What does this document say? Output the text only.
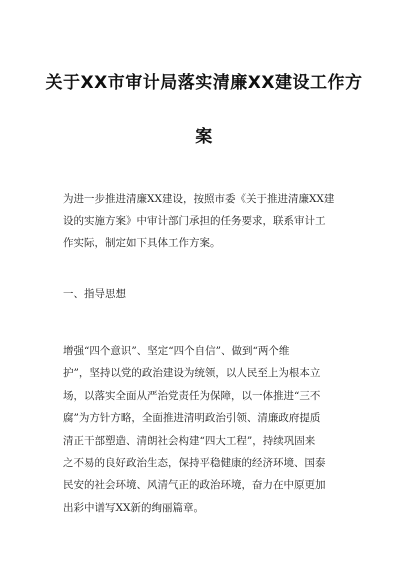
关于XX市审计局落实清廉XX建设工作方
案
为进一步推进清廉XX建设，按照市委《关于推进清廉XX建
设的实施方案》中审计部门承担的任务要求，联系审计工
作实际，制定如下具体工作方案。
一、指导思想
增强“四个意识”、坚定“四个自信”、做到“两个维
护”，坚持以党的政治建设为统领，以人民至上为根本立
场，以落实全面从严治党责任为保障，以一体推进“三不
腐”为方针方略，全面推进清明政治引领、清廉政府提质
清正干部塑造、清朗社会构建“四大工程”，持续巩固来
之不易的良好政治生态，保持平稳健康的经济环境、国泰
民安的社会环境、风清气正的政治环境，奋力在中原更加
出彩中谱写XX新的绚丽篇章。
